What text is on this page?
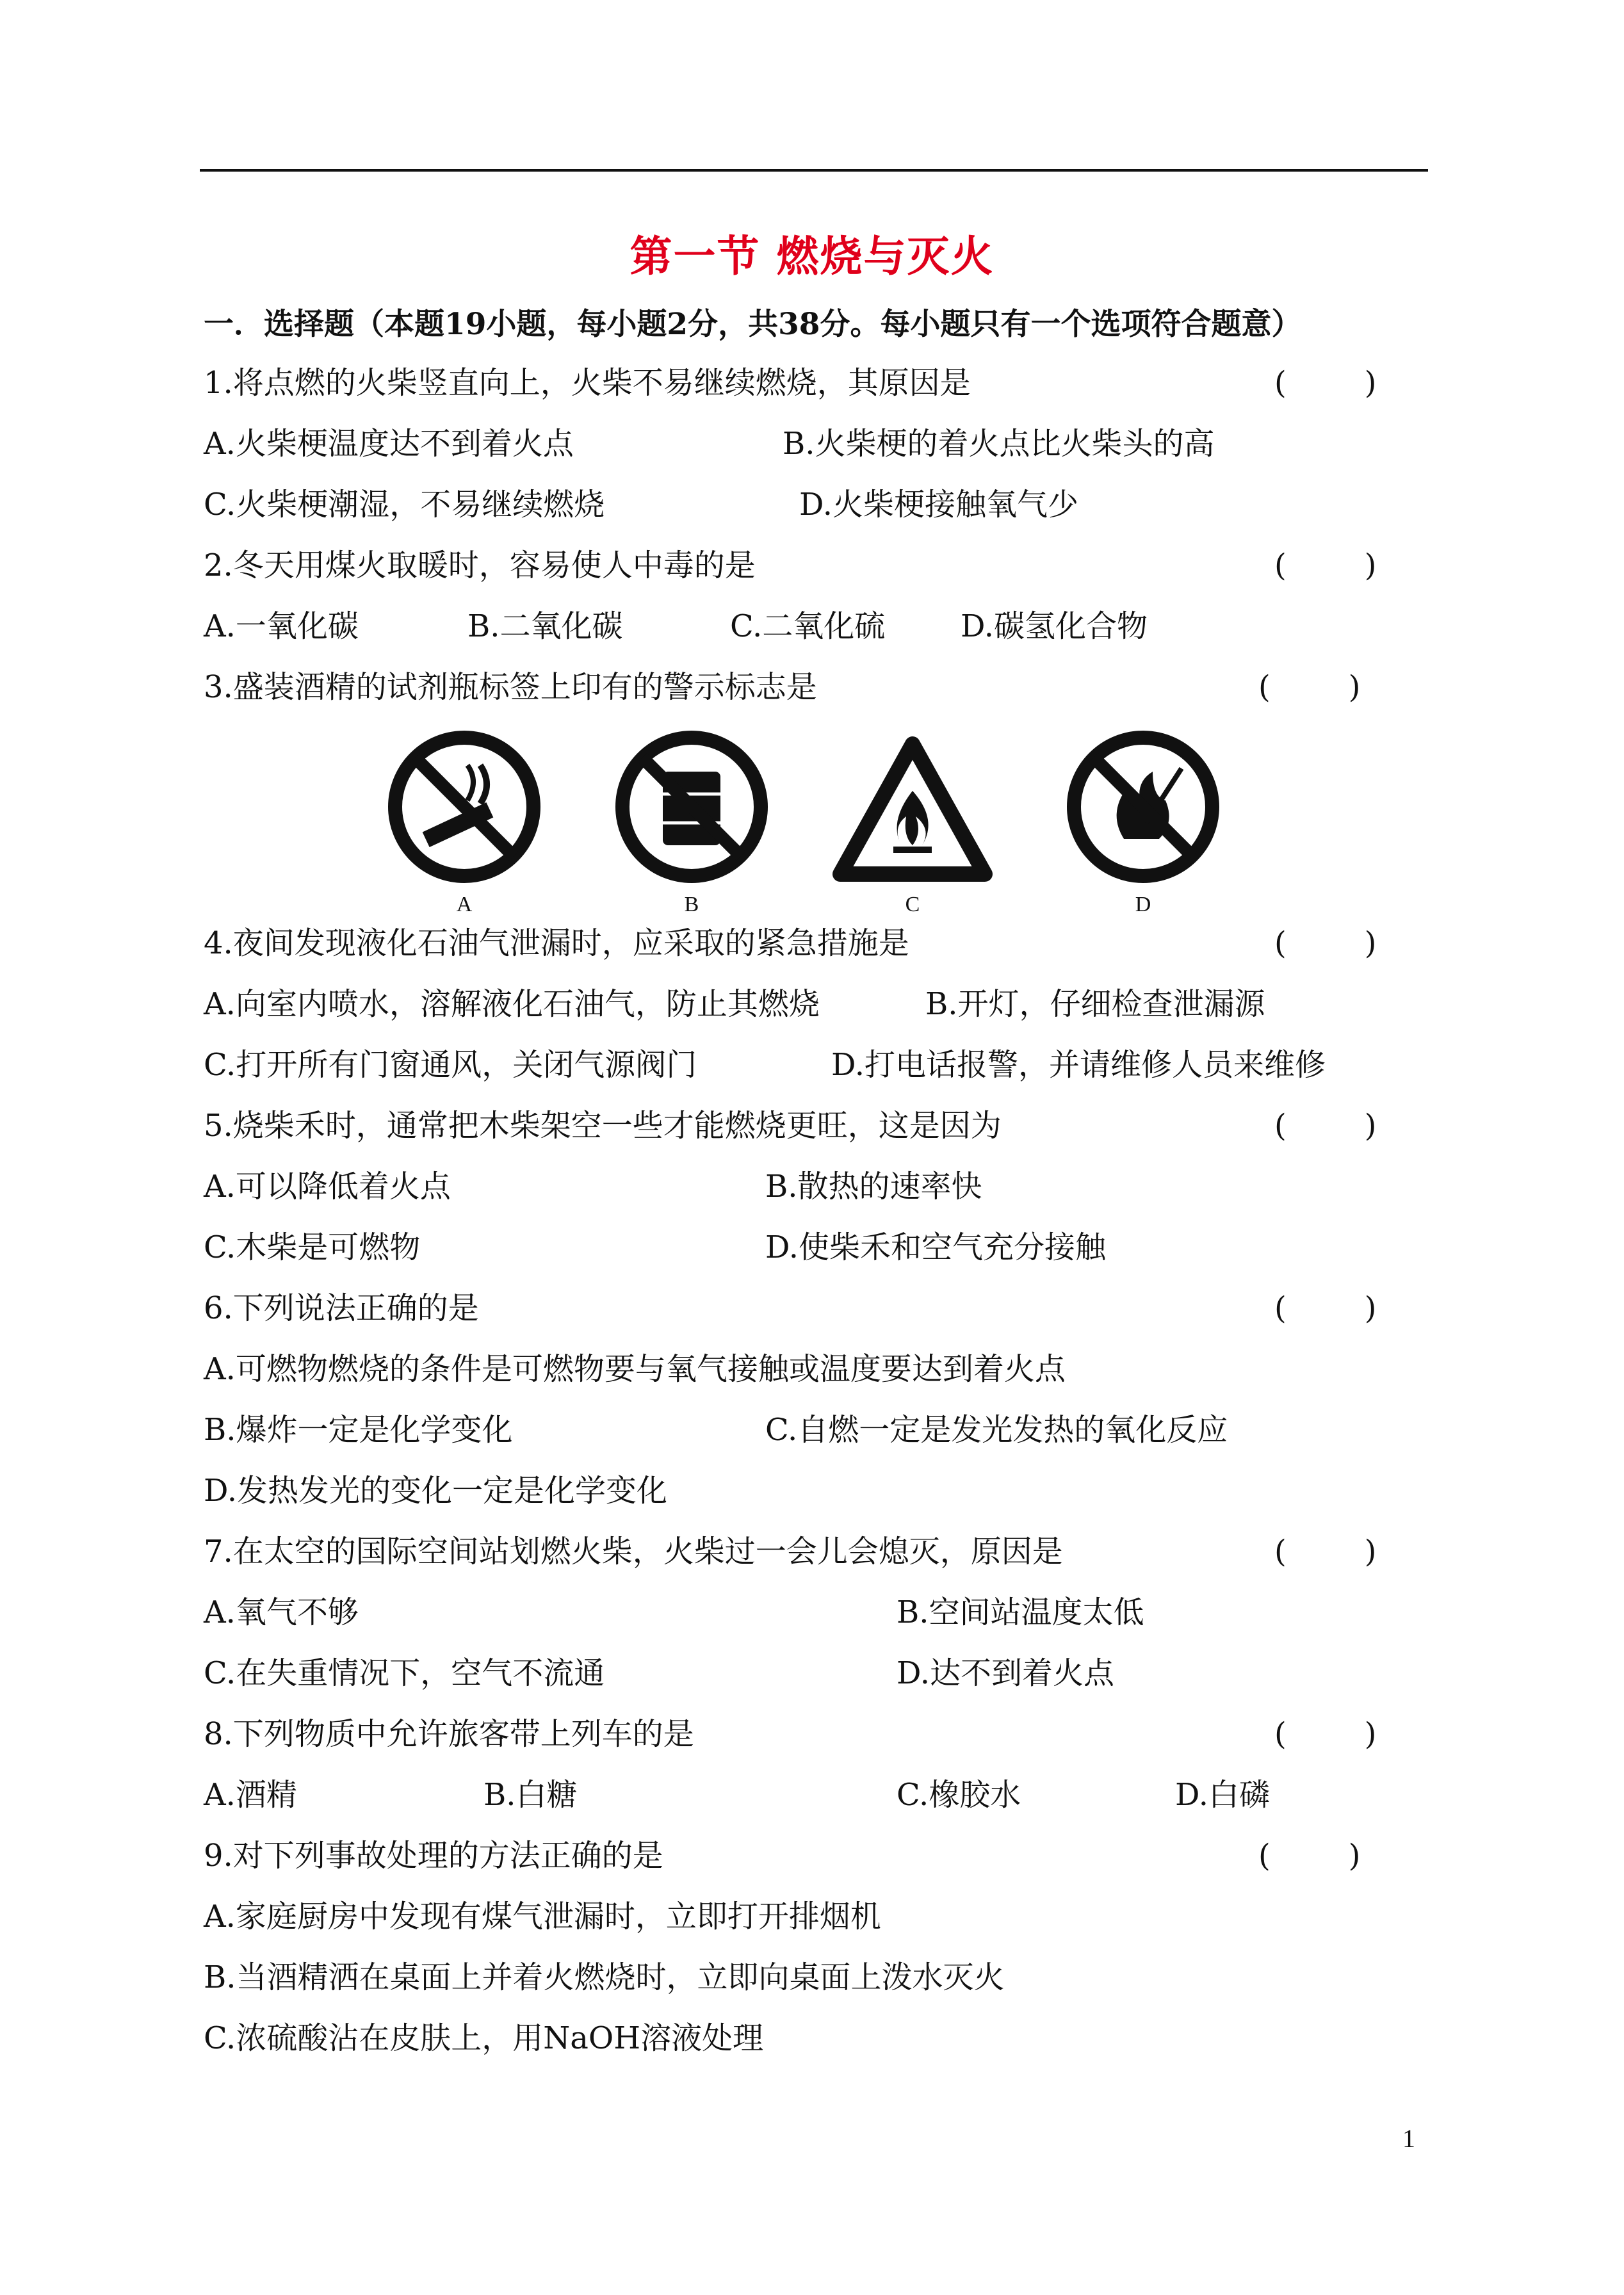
第一节 燃烧与灭火
一．选择题（本题19小题，每小题2分，共38分。每小题只有一个选项符合题意）
1.将点燃的火柴竖直向上，火柴不易继续燃烧，其原因是	(        )
A.火柴梗温度达不到着火点	B.火柴梗的着火点比火柴头的高
C.火柴梗潮湿，不易继续燃烧	D.火柴梗接触氧气少
2.冬天用煤火取暖时，容易使人中毒的是	(        )
A.一氧化碳	B.二氧化碳	C.二氧化硫 D.碳氢化合物
3.盛装酒精的试剂瓶标签上印有的警示标志是	(        )
A	B	C	D
4.夜间发现液化石油气泄漏时，应采取的紧急措施是	(        )
A.向室内喷水，溶解液化石油气，防止其燃烧	B.开灯，仔细检查泄漏源
C.打开所有门窗通风，关闭气源阀门	D.打电话报警，并请维修人员来维修
5.烧柴禾时，通常把木柴架空一些才能燃烧更旺，这是因为	(        )
A.可以降低着火点	B.散热的速率快
C.木柴是可燃物	D.使柴禾和空气充分接触
6.下列说法正确的是	(        )
A.可燃物燃烧的条件是可燃物要与氧气接触或温度要达到着火点
B.爆炸一定是化学变化	C.自燃一定是发光发热的氧化反应
D.发热发光的变化一定是化学变化
7.在太空的国际空间站划燃火柴，火柴过一会儿会熄灭，原因是	(        )
A.氧气不够	B.空间站温度太低
C.在失重情况下，空气不流通	D.达不到着火点
8.下列物质中允许旅客带上列车的是	(        )
A.酒精	B.白糖	C.橡胶水	D.白磷
9.对下列事故处理的方法正确的是	(        )
A.家庭厨房中发现有煤气泄漏时，立即打开排烟机
B.当酒精洒在桌面上并着火燃烧时，立即向桌面上泼水灭火
C.浓硫酸沾在皮肤上，用NaOH溶液处理
1
